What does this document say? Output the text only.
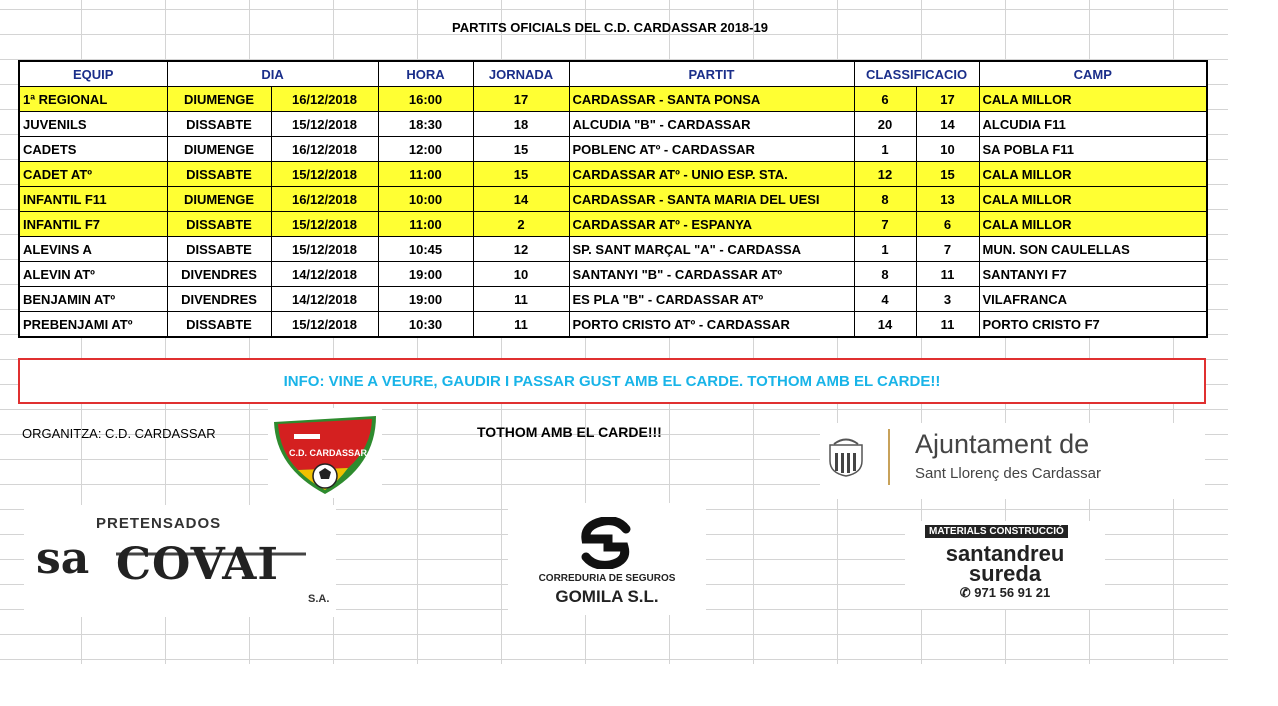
PARTITS OFICIALS DEL C.D. CARDASSAR 2018-19
EQUIP	DIA		HORA	JORNADA	PARTIT	CLASSIFICACIO		CAMP
1ª REGIONAL	DIUMENGE	16/12/2018	16:00	17	CARDASSAR - SANTA PONSA	6	17	CALA MILLOR
JUVENILS	DISSABTE	15/12/2018	18:30	18	ALCUDIA "B" - CARDASSAR	20	14	ALCUDIA F11
CADETS	DIUMENGE	16/12/2018	12:00	15	POBLENC ATº - CARDASSAR	1	10	SA POBLA F11
CADET ATº	DISSABTE	15/12/2018	11:00	15	CARDASSAR ATº - UNIO ESP. STA.	12	15	CALA MILLOR
INFANTIL F11	DIUMENGE	16/12/2018	10:00	14	CARDASSAR - SANTA MARIA DEL UESI	8	13	CALA MILLOR
INFANTIL F7	DISSABTE	15/12/2018	11:00	2	CARDASSAR ATº - ESPANYA	7	6	CALA MILLOR
ALEVINS A	DISSABTE	15/12/2018	10:45	12	SP. SANT MARÇAL "A" - CARDASSA	1	7	MUN. SON CAULELLAS
ALEVIN ATº	DIVENDRES	14/12/2018	19:00	10	SANTANYI "B" - CARDASSAR ATº	8	11	SANTANYI F7
BENJAMIN ATº	DIVENDRES	14/12/2018	19:00	11	ES PLA "B" - CARDASSAR ATº	4	3	VILAFRANCA
PREBENJAMI ATº	DISSABTE	15/12/2018	10:30	11	PORTO CRISTO ATº - CARDASSAR	14	11	PORTO CRISTO F7
INFO: VINE A VEURE, GAUDIR I PASSAR GUST AMB EL CARDE. TOTHOM AMB EL CARDE!!
ORGANITZA: C.D. CARDASSAR
C.D. CARDASSAR
TOTHOM AMB EL CARDE!!!	Ajuntament de
Sant Llorenç des Cardassar
PRETENSADOS
sa COVAI
S.A.
CORREDURIA DE SEGUROS
GOMILA S.L.
MATERIALS CONSTRUCCIÓ
santandreu
sureda
✆ 971 56 91 21
